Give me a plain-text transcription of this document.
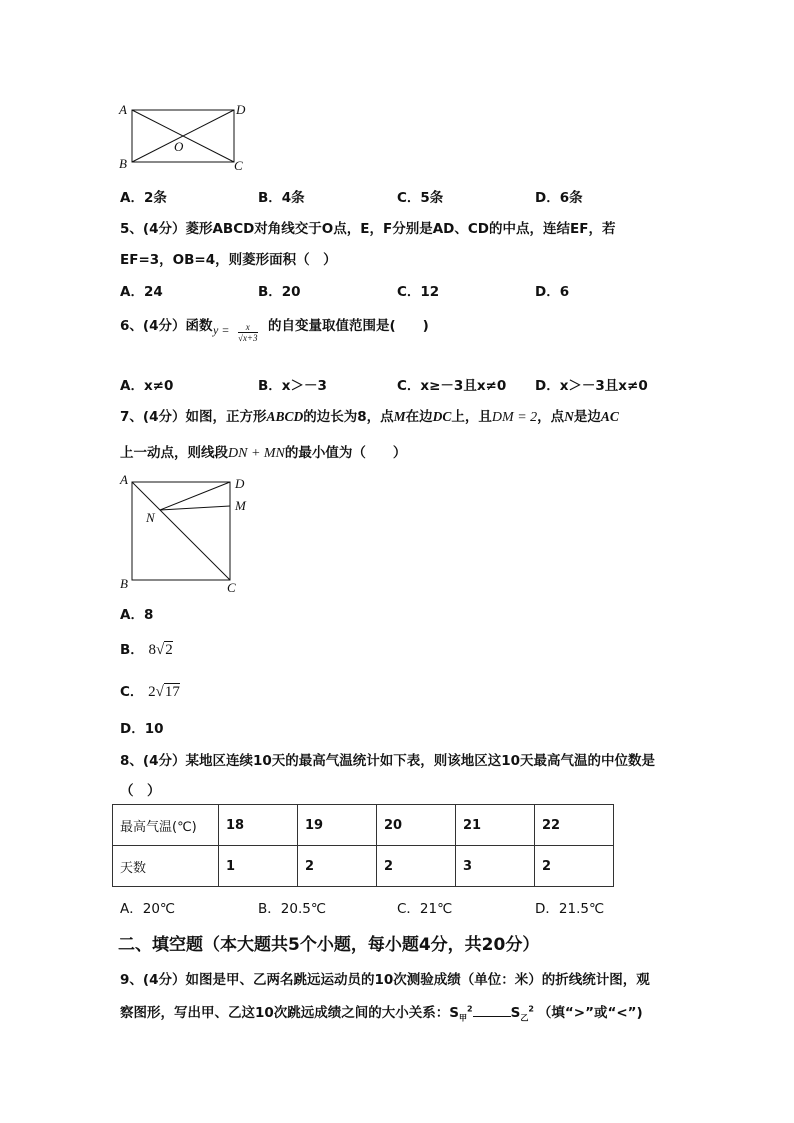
A	D
B	C
O
A．2条	B．4条	C．5条	D．6条
5、(4分）菱形ABCD对角线交于O点，E，F分别是AD、CD的中点，连结EF，若
EF=3，OB=4，则菱形面积（　）
A．24	B．20	C．12	D．6
6、(4分）函数 $y = \frac{x}{√x+3}$ 的自变量取值范围是(　　)
A．x≠0	B．x＞－3	C．x≥－3且x≠0 D．x＞－3且x≠0
7、(4分）如图，正方形ABCD的边长为8，点M在边DC上，且DM = 2，点N是边AC
上一动点，则线段DN + MN的最小值为（　　）
A	D
M
N
B	C
A．8
B． 8√2
C． 2√17
D．10
8、(4分）某地区连续10天的最高气温统计如下表，则该地区这10天最高气温的中位数是
（　）
最高气温(℃)	18	19	20	21	22
天数	1	2	2	3	2
A．20℃	B．20.5℃	C．21℃	D．21.5℃
二、填空题（本大题共5个小题，每小题4分，共20分）
9、(4分）如图是甲、乙两名跳远运动员的10次测验成绩（单位：米）的折线统计图，观
察图形，写出甲、乙这10次跳远成绩之间的大小关系：$S_甲^2$	$S_乙^2$ （填“>”或“<”)
